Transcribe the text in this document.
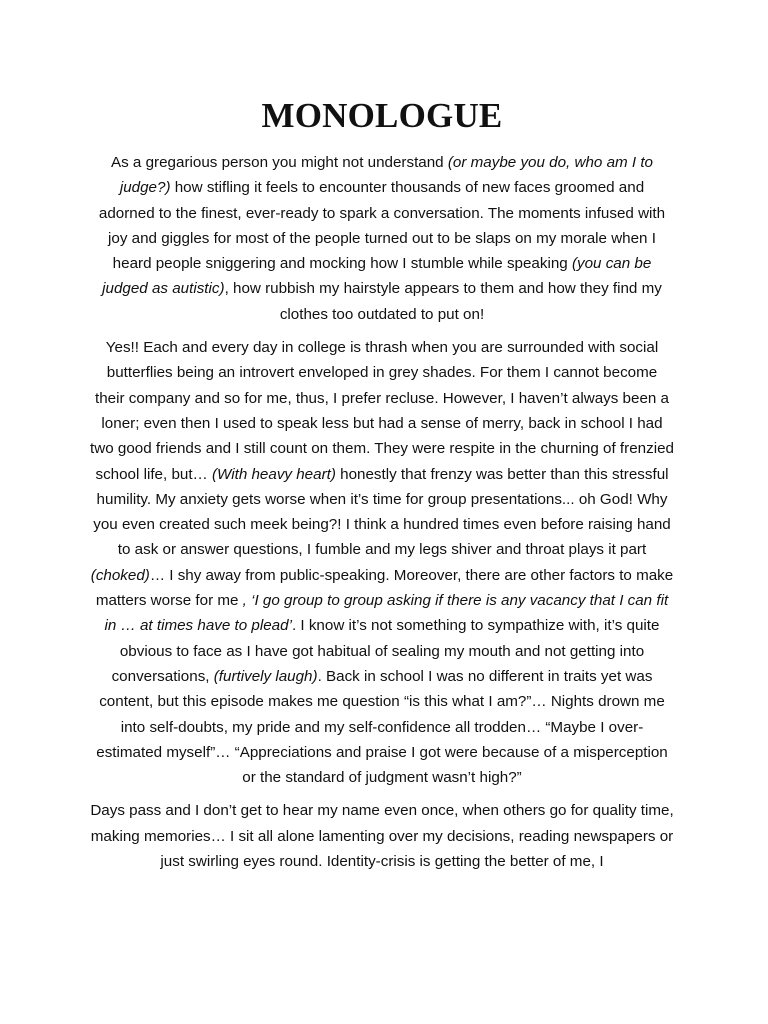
MONOLOGUE

As a gregarious person you might not understand (or maybe you do, who am I to judge?) how stifling it feels to encounter thousands of new faces groomed and adorned to the finest, ever-ready to spark a conversation. The moments infused with joy and giggles for most of the people turned out to be slaps on my morale when I heard people sniggering and mocking how I stumble while speaking (you can be judged as autistic), how rubbish my hairstyle appears to them and how they find my clothes too outdated to put on!

Yes!! Each and every day in college is thrash when you are surrounded with social butterflies being an introvert enveloped in grey shades. For them I cannot become their company and so for me, thus, I prefer recluse. However, I haven’t always been a loner; even then I used to speak less but had a sense of merry, back in school I had two good friends and I still count on them. They were respite in the churning of frenzied school life, but… (With heavy heart) honestly that frenzy was better than this stressful humility. My anxiety gets worse when it’s time for group presentations... oh God! Why you even created such meek being?! I think a hundred times even before raising hand to ask or answer questions, I fumble and my legs shiver and throat plays it part (choked)… I shy away from public-speaking. Moreover, there are other factors to make matters worse for me , ‘I go group to group asking if there is any vacancy that I can fit in … at times have to plead’. I know it’s not something to sympathize with, it’s quite obvious to face as I have got habitual of sealing my mouth and not getting into conversations, (furtively laugh). Back in school I was no different in traits yet was content, but this episode makes me question “is this what I am?”… Nights drown me into self-doubts, my pride and my self-confidence all trodden… “Maybe I over-estimated myself”… “Appreciations and praise I got were because of a misperception or the standard of judgment wasn’t high?”

Days pass and I don’t get to hear my name even once, when others go for quality time, making memories… I sit all alone lamenting over my decisions, reading newspapers or just swirling eyes round. Identity-crisis is getting the better of me, I
